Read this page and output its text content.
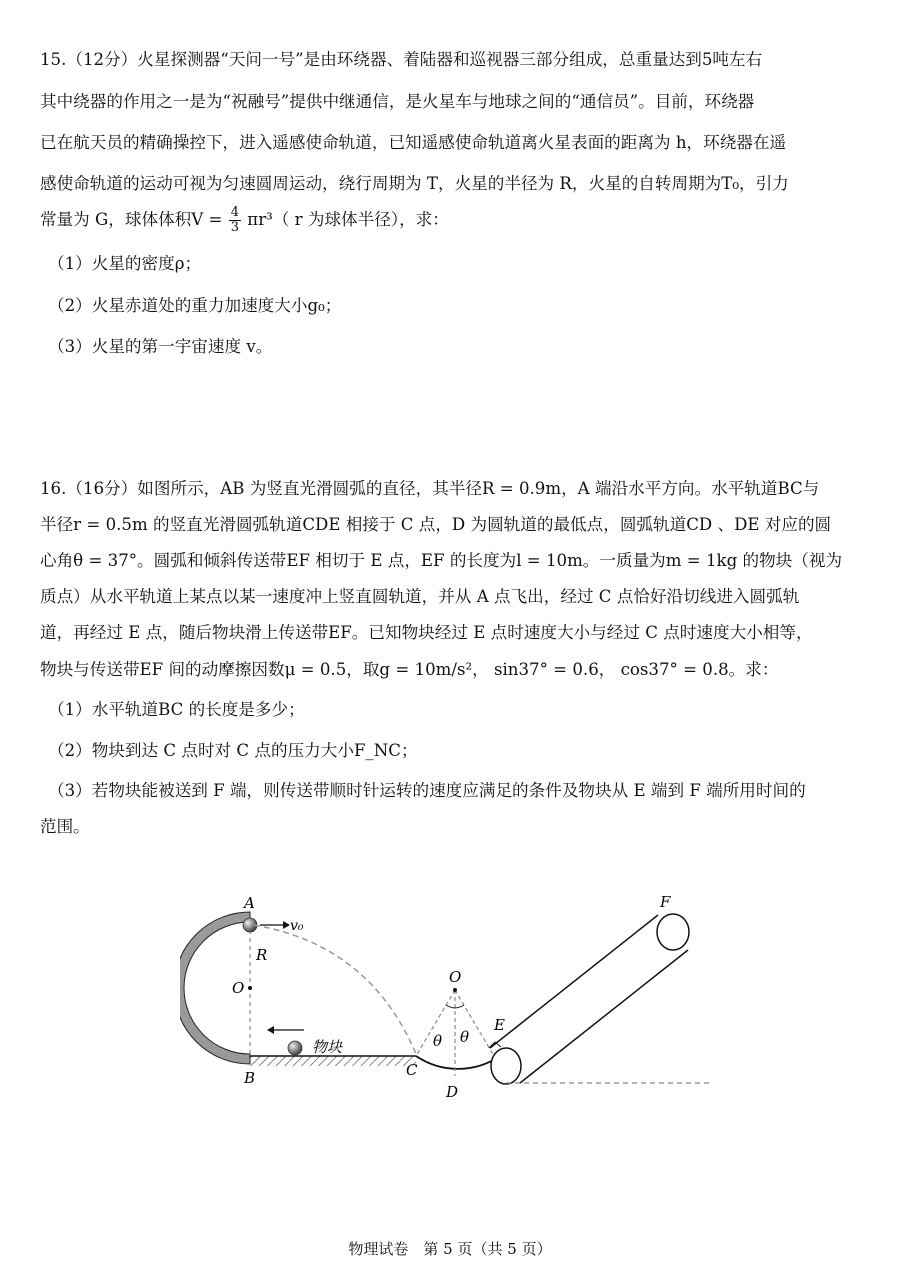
15.（12分）火星探测器“天问一号”是由环绕器、着陆器和巡视器三部分组成，总重量达到5吨左右
其中绕器的作用之一是为“祝融号”提供中继通信，是火星车与地球之间的“通信员”。目前，环绕器
已在航天员的精确操控下，进入遥感使命轨道，已知遥感使命轨道离火星表面的距离为 h，环绕器在遥
感使命轨道的运动可视为匀速圆周运动，绕行周期为 T，火星的半径为 R，火星的自转周期为T₀，引力
常量为 G，球体体积$V = \frac{4}{3} \pi r^3$（ r 为球体半径），求：
（1）火星的密度ρ；
（2）火星赤道处的重力加速度大小g₀；
（3）火星的第一宇宙速度 v。
16.（16分）如图所示，AB 为竖直光滑圆弧的直径，其半径R = 0.9m，A 端沿水平方向。水平轨道BC与
半径r = 0.5m 的竖直光滑圆弧轨道CDE 相接于 C 点，D 为圆轨道的最低点，圆弧轨道CD 、DE 对应的圆
心角θ = 37°。圆弧和倾斜传送带EF 相切于 E 点，EF 的长度为l = 10m。一质量为m = 1kg 的物块（视为
质点）从水平轨道上某点以某一速度冲上竖直圆轨道，并从 A 点飞出，经过 C 点恰好沿切线进入圆弧轨
道，再经过 E 点，随后物块滑上传送带EF。已知物块经过 E 点时速度大小与经过 C 点时速度大小相等，
物块与传送带EF 间的动摩擦因数μ = 0.5，取g = 10m/s²， sin37° = 0.6， cos37° = 0.8。求：
（1）水平轨道BC 的长度是多少；
（2）物块到达 C 点时对 C 点的压力大小F_NC；
（3）若物块能被送到 F 端，则传送带顺时针运转的速度应满足的条件及物块从 E 端到 F 端所用时间的
范围。
A
B
O
R
v₀
物块
C
D
O
θ θ
E
F
物理试卷　第 5 页（共 5 页）
